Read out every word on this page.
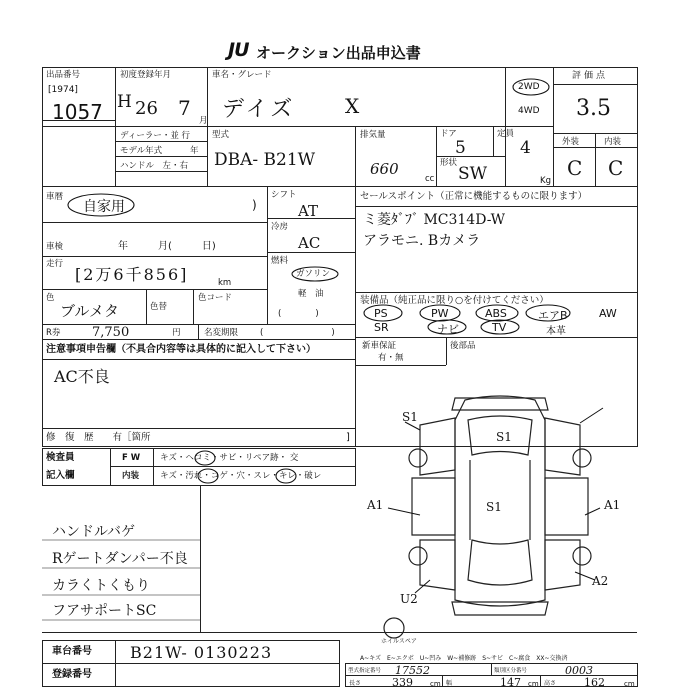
JU オークション出品申込書
出品番号
[1974]
1057
初度登録年月
H 26 7
月
ディーラー・並 行
モデル年式	年
ハンドル　左・右
車名・グレード
デイズ X
2WD
4WD
型式
DBA- B21W
排気量
660
cc
ドア
5
定員
4
形状
SW	Kg
評価点
3.5
外装	内装
C C
車暦
自家用	)
車検	年　　　月(　　　日)
走行
[2万6千856]	km
色
ブルメタ	色替
色コード
R券 7,750	円	名変期限	(　　　　　　　　)
シフト
AT
冷房
AC
燃料
ガソリン
軽　油
(　　　　)
セールスポイント（正常に機能するものに限ります）
ミ菱ﾀﾞﾌﾞ MC314D-W
アラモニ. Bカメラ
装備品（純正品に限り○を付けてください）
PS	PW	ABS	エアB	AW
SR	ナビ	TV	本革
新車保証
有・無
後部品
注意事項申告欄（不具合内容等は具体的に記入して下さい）
AC不良
修　復　歴　　有［箇所	]
検査員
記入欄
F W キズ・ヘコミ・サビ・リペア跡・ 交
内装 キズ・汚れ・コゲ・穴・スレ・キレ・破レ
ハンドルバゲ
Rゲートダンパー不良
カラくトくもり
フアサポートSC
S1
S1
S1
A1	A1
A2
U2
ホイルスペア
車台番号 B21W- 0130223
登録番号
A~キズ　E~エクボ　U~凹み　W~補修跡　S~サビ　C~腐食　XX~交換済
型式指定番号 17552	類別区分番号	0003
長さ	339 cm 幅	147 cm 高さ	162	cm
